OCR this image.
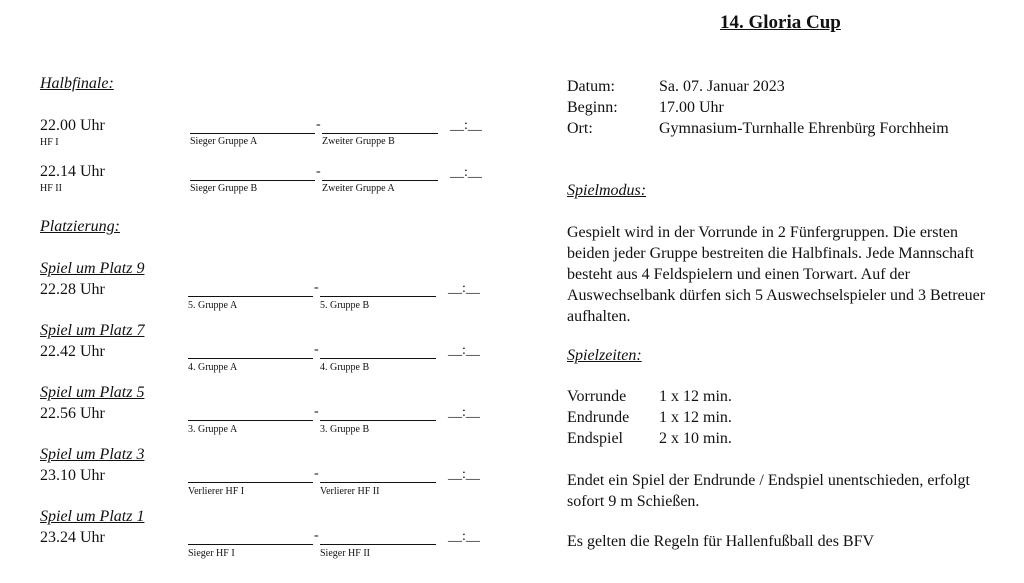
14. Gloria Cup
Halbfinale:
22.00 Uhr
HF I
-	__:__
Sieger Gruppe A	Zweiter Gruppe B
22.14 Uhr
HF II
-	__:__
Sieger Gruppe B	Zweiter Gruppe A
Platzierung:
Spiel um Platz 9
22.28 Uhr	-	__:__
5. Gruppe A	5. Gruppe B
Spiel um Platz 7
22.42 Uhr	-	__:__
4. Gruppe A	4. Gruppe B
Spiel um Platz 5
22.56 Uhr	-	__:__
3. Gruppe A	3. Gruppe B
Spiel um Platz 3
23.10 Uhr	-	__:__
Verlierer HF I	Verlierer HF II
Spiel um Platz 1
23.24 Uhr	-	__:__
Sieger HF I	Sieger HF II
Datum:	Sa. 07. Januar 2023
Beginn:	17.00 Uhr
Ort:	Gymnasium-Turnhalle Ehrenbürg Forchheim
Spielmodus:
Gespielt wird in der Vorrunde in 2 Fünfergruppen. Die ersten beiden jeder Gruppe bestreiten die Halbfinals. Jede Mannschaft besteht aus 4 Feldspielern und einen Torwart. Auf der Auswechselbank dürfen sich 5 Auswechselspieler und 3 Betreuer aufhalten.
Spielzeiten:
Vorrunde 1 x 12 min.
Endrunde 1 x 12 min.
Endspiel 2 x 10 min.
Endet ein Spiel der Endrunde / Endspiel unentschieden, erfolgt sofort 9 m Schießen.
Es gelten die Regeln für Hallenfußball des BFV
